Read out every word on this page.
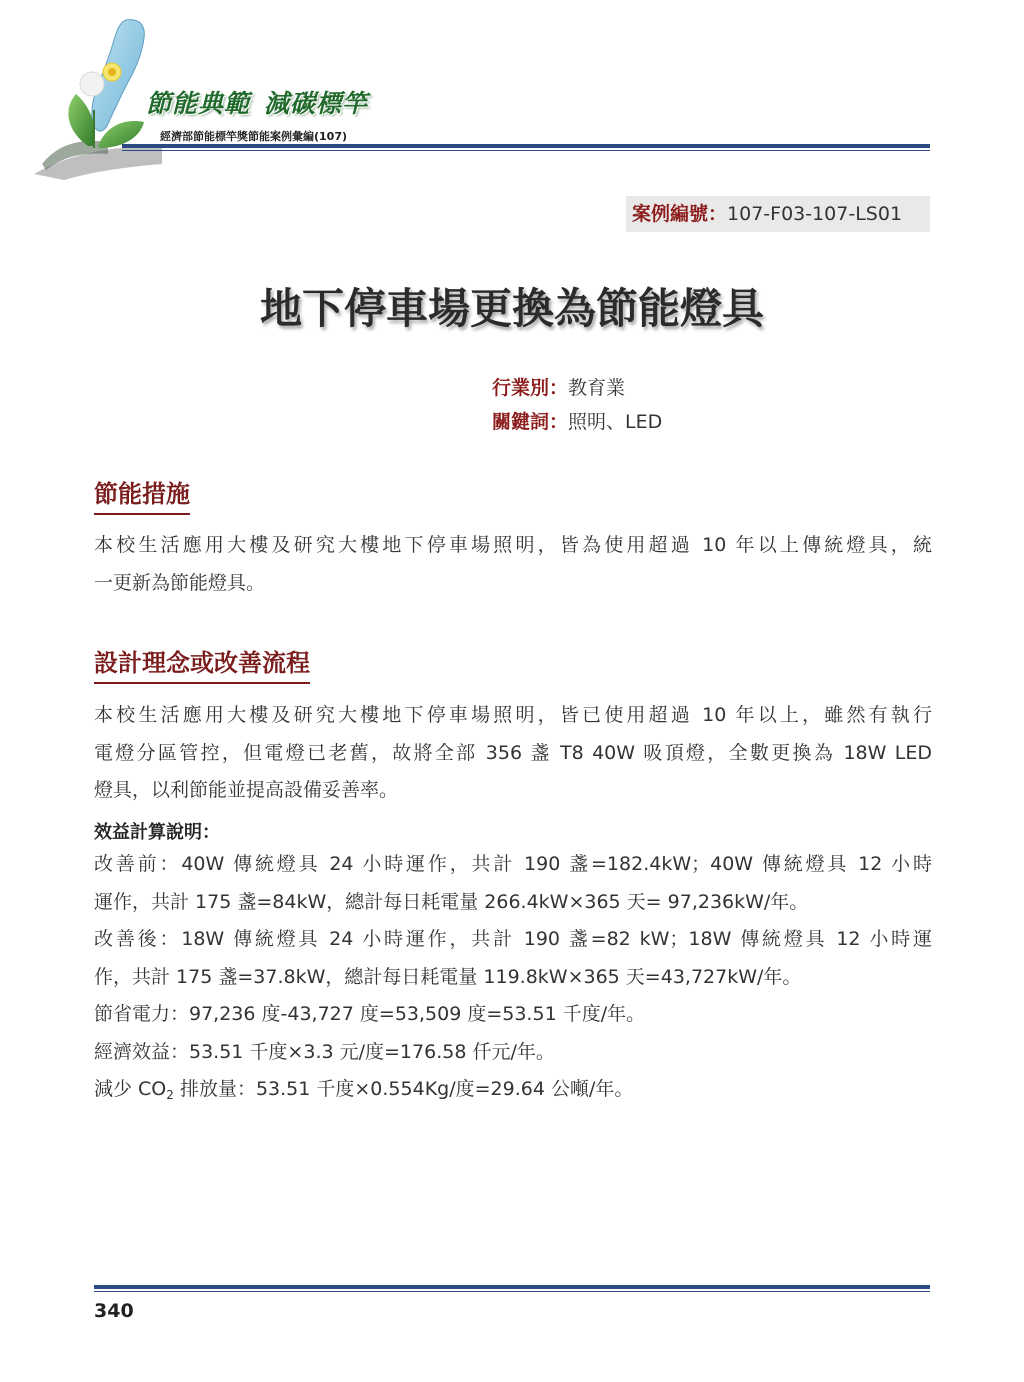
節能典範 減碳標竿
經濟部節能標竿獎節能案例彙編(107)
案例編號：107-F03-107-LS01
地下停車場更換為節能燈具
行業別：教育業
關鍵詞：照明、LED
節能措施
本校生活應用大樓及研究大樓地下停車場照明，皆為使用超過 10 年以上傳統燈具，統
一更新為節能燈具。
設計理念或改善流程
本校生活應用大樓及研究大樓地下停車場照明，皆已使用超過 10 年以上，雖然有執行
電燈分區管控，但電燈已老舊，故將全部 356 盞 T8 40W 吸頂燈，全數更換為 18W LED
燈具，以利節能並提高設備妥善率。
效益計算說明：
改善前：40W 傳統燈具 24 小時運作，共計 190 盞=182.4kW；40W 傳統燈具 12 小時
運作，共計 175 盞=84kW，總計每日耗電量 266.4kW×365 天= 97,236kW/年。
改善後：18W 傳統燈具 24 小時運作，共計 190 盞=82 kW；18W 傳統燈具 12 小時運
作，共計 175 盞=37.8kW，總計每日耗電量 119.8kW×365 天=43,727kW/年。
節省電力：97,236 度-43,727 度=53,509 度=53.51 千度/年。
經濟效益：53.51 千度×3.3 元/度=176.58 仟元/年。
減少 $CO_2$ 排放量：53.51 千度×0.554Kg/度=29.64 公噸/年。
340
